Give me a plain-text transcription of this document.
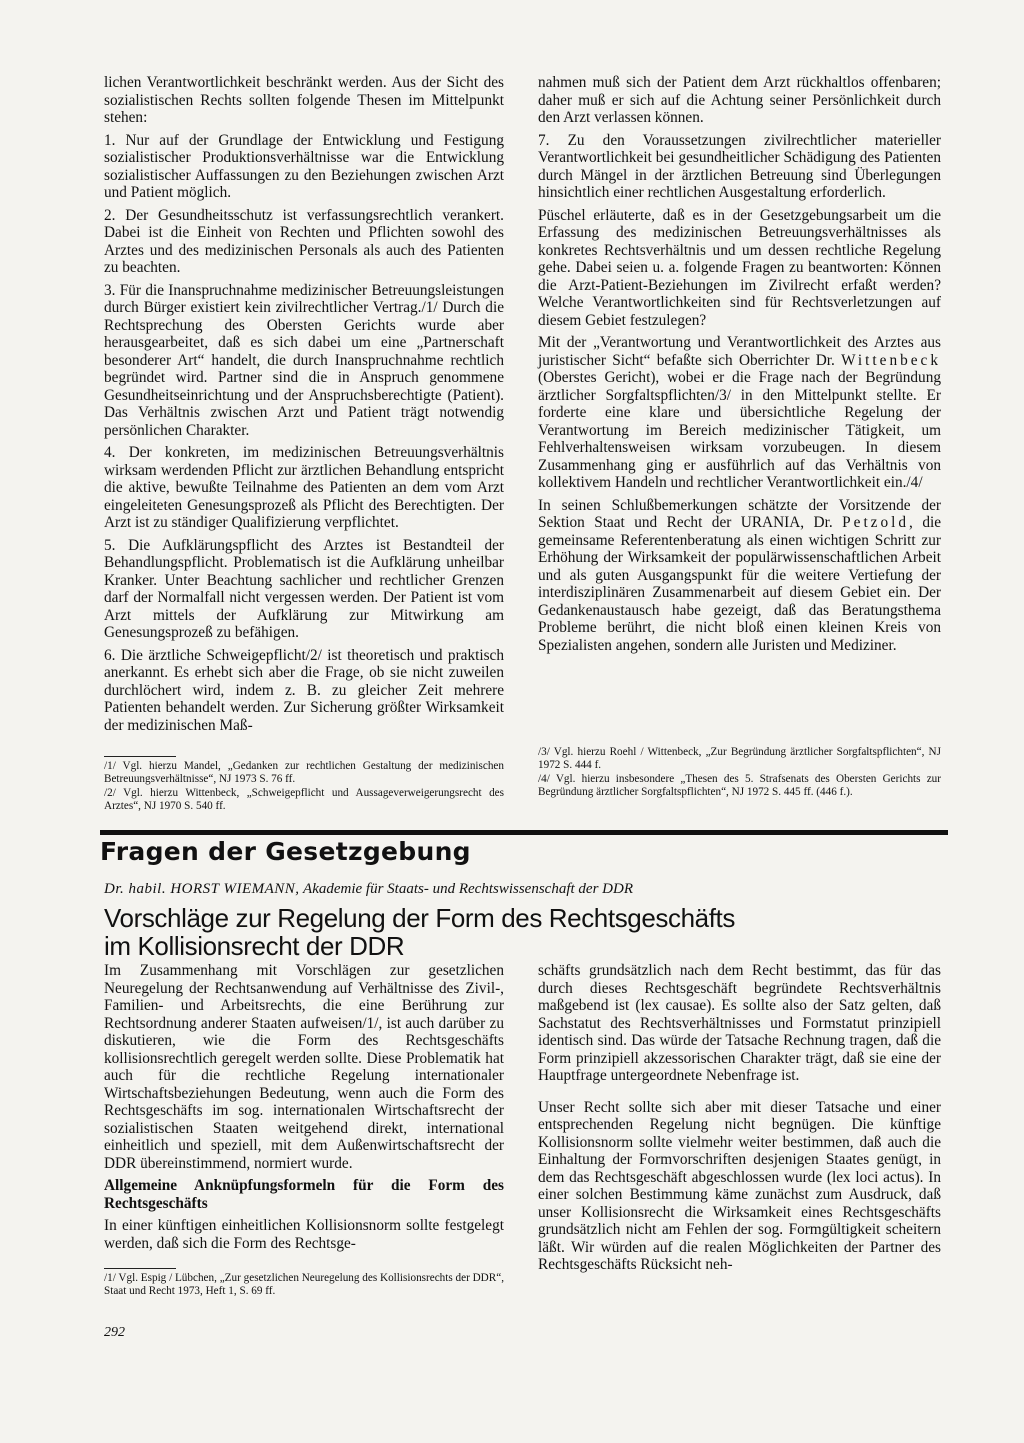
lichen Verantwortlichkeit beschränkt werden. Aus der Sicht des sozialistischen Rechts sollten folgende Thesen im Mittelpunkt stehen:

1. Nur auf der Grundlage der Entwicklung und Festigung sozialistischer Produktionsverhältnisse war die Entwicklung sozialistischer Auffassungen zu den Beziehungen zwischen Arzt und Patient möglich.

2. Der Gesundheitsschutz ist verfassungsrechtlich verankert. Dabei ist die Einheit von Rechten und Pflichten sowohl des Arztes und des medizinischen Personals als auch des Patienten zu beachten.

3. Für die Inanspruchnahme medizinischer Betreuungsleistungen durch Bürger existiert kein zivilrechtlicher Vertrag./1/ Durch die Rechtsprechung des Obersten Gerichts wurde aber herausgearbeitet, daß es sich dabei um eine „Partnerschaft besonderer Art“ handelt, die durch Inanspruchnahme rechtlich begründet wird. Partner sind die in Anspruch genommene Gesundheitseinrichtung und der Anspruchsberechtigte (Patient). Das Verhältnis zwischen Arzt und Patient trägt notwendig persönlichen Charakter.

4. Der konkreten, im medizinischen Betreuungsverhältnis wirksam werdenden Pflicht zur ärztlichen Behandlung entspricht die aktive, bewußte Teilnahme des Patienten an dem vom Arzt eingeleiteten Genesungsprozeß als Pflicht des Berechtigten. Der Arzt ist zu ständiger Qualifizierung verpflichtet.

5. Die Aufklärungspflicht des Arztes ist Bestandteil der Behandlungspflicht. Problematisch ist die Aufklärung unheilbar Kranker. Unter Beachtung sachlicher und rechtlicher Grenzen darf der Normalfall nicht vergessen werden. Der Patient ist vom Arzt mittels der Aufklärung zur Mitwirkung am Genesungsprozeß zu befähigen.

6. Die ärztliche Schweigepflicht/2/ ist theoretisch und praktisch anerkannt. Es erhebt sich aber die Frage, ob sie nicht zuweilen durchlöchert wird, indem z. B. zu gleicher Zeit mehrere Patienten behandelt werden. Zur Sicherung größter Wirksamkeit der medizinischen Maß-

nahmen muß sich der Patient dem Arzt rückhaltlos offenbaren; daher muß er sich auf die Achtung seiner Persönlichkeit durch den Arzt verlassen können.

7. Zu den Voraussetzungen zivilrechtlicher materieller Verantwortlichkeit bei gesundheitlicher Schädigung des Patienten durch Mängel in der ärztlichen Betreuung sind Überlegungen hinsichtlich einer rechtlichen Ausgestaltung erforderlich.

Püschel erläuterte, daß es in der Gesetzgebungsarbeit um die Erfassung des medizinischen Betreuungsverhältnisses als konkretes Rechtsverhältnis und um dessen rechtliche Regelung gehe. Dabei seien u. a. folgende Fragen zu beantworten: Können die Arzt-Patient-Beziehungen im Zivilrecht erfaßt werden? Welche Verantwortlichkeiten sind für Rechtsverletzungen auf diesem Gebiet festzulegen?

Mit der „Verantwortung und Verantwortlichkeit des Arztes aus juristischer Sicht“ befaßte sich Oberrichter Dr. Wittenbeck (Oberstes Gericht), wobei er die Frage nach der Begründung ärztlicher Sorgfaltspflichten/3/ in den Mittelpunkt stellte. Er forderte eine klare und übersichtliche Regelung der Verantwortung im Bereich medizinischer Tätigkeit, um Fehlverhaltensweisen wirksam vorzubeugen. In diesem Zusammenhang ging er ausführlich auf das Verhältnis von kollektivem Handeln und rechtlicher Verantwortlichkeit ein./4/

In seinen Schlußbemerkungen schätzte der Vorsitzende der Sektion Staat und Recht der URANIA, Dr. Petzold, die gemeinsame Referentenberatung als einen wichtigen Schritt zur Erhöhung der Wirksamkeit der populärwissenschaftlichen Arbeit und als guten Ausgangspunkt für die weitere Vertiefung der interdisziplinären Zusammenarbeit auf diesem Gebiet ein. Der Gedankenaustausch habe gezeigt, daß das Beratungsthema Probleme berührt, die nicht bloß einen kleinen Kreis von Spezialisten angehen, sondern alle Juristen und Mediziner.

/1/ Vgl. hierzu Mandel, „Gedanken zur rechtlichen Gestaltung der medizinischen Betreuungsverhältnisse“, NJ 1973 S. 76 ff.

/2/ Vgl. hierzu Wittenbeck, „Schweigepflicht und Aussageverweigerungsrecht des Arztes“, NJ 1970 S. 540 ff.

/3/ Vgl. hierzu Roehl / Wittenbeck, „Zur Begründung ärztlicher Sorgfaltspflichten“, NJ 1972 S. 444 f.

/4/ Vgl. hierzu insbesondere „Thesen des 5. Strafsenats des Obersten Gerichts zur Begründung ärztlicher Sorgfaltspflichten“, NJ 1972 S. 445 ff. (446 f.).

Fragen der Gesetzgebung

Dr. habil. HORST WIEMANN, Akademie für Staats- und Rechtswissenschaft der DDR

Vorschläge zur Regelung der Form des Rechtsgeschäfts
im Kollisionsrecht der DDR

Im Zusammenhang mit Vorschlägen zur gesetzlichen Neuregelung der Rechtsanwendung auf Verhältnisse des Zivil-, Familien- und Arbeitsrechts, die eine Berührung zur Rechtsordnung anderer Staaten aufweisen/1/, ist auch darüber zu diskutieren, wie die Form des Rechtsgeschäfts kollisionsrechtlich geregelt werden sollte. Diese Problematik hat auch für die rechtliche Regelung internationaler Wirtschaftsbeziehungen Bedeutung, wenn auch die Form des Rechtsgeschäfts im sog. internationalen Wirtschaftsrecht der sozialistischen Staaten weitgehend direkt, international einheitlich und speziell, mit dem Außenwirtschaftsrecht der DDR übereinstimmend, normiert wurde.

Allgemeine Anknüpfungsformeln für die Form des Rechtsgeschäfts

In einer künftigen einheitlichen Kollisionsnorm sollte festgelegt werden, daß sich die Form des Rechtsge-

schäfts grundsätzlich nach dem Recht bestimmt, das für das durch dieses Rechtsgeschäft begründete Rechtsverhältnis maßgebend ist (lex causae). Es sollte also der Satz gelten, daß Sachstatut des Rechtsverhältnisses und Formstatut prinzipiell identisch sind. Das würde der Tatsache Rechnung tragen, daß die Form prinzipiell akzessorischen Charakter trägt, daß sie eine der Hauptfrage untergeordnete Nebenfrage ist.

Unser Recht sollte sich aber mit dieser Tatsache und einer entsprechenden Regelung nicht begnügen. Die künftige Kollisionsnorm sollte vielmehr weiter bestimmen, daß auch die Einhaltung der Formvorschriften desjenigen Staates genügt, in dem das Rechtsgeschäft abgeschlossen wurde (lex loci actus). In einer solchen Bestimmung käme zunächst zum Ausdruck, daß unser Kollisionsrecht die Wirksamkeit eines Rechtsgeschäfts grundsätzlich nicht am Fehlen der sog. Formgültigkeit scheitern läßt. Wir würden auf die realen Möglichkeiten der Partner des Rechtsgeschäfts Rücksicht neh-

/1/ Vgl. Espig / Lübchen, „Zur gesetzlichen Neuregelung des Kollisionsrechts der DDR“, Staat und Recht 1973, Heft 1, S. 69 ff.

292
